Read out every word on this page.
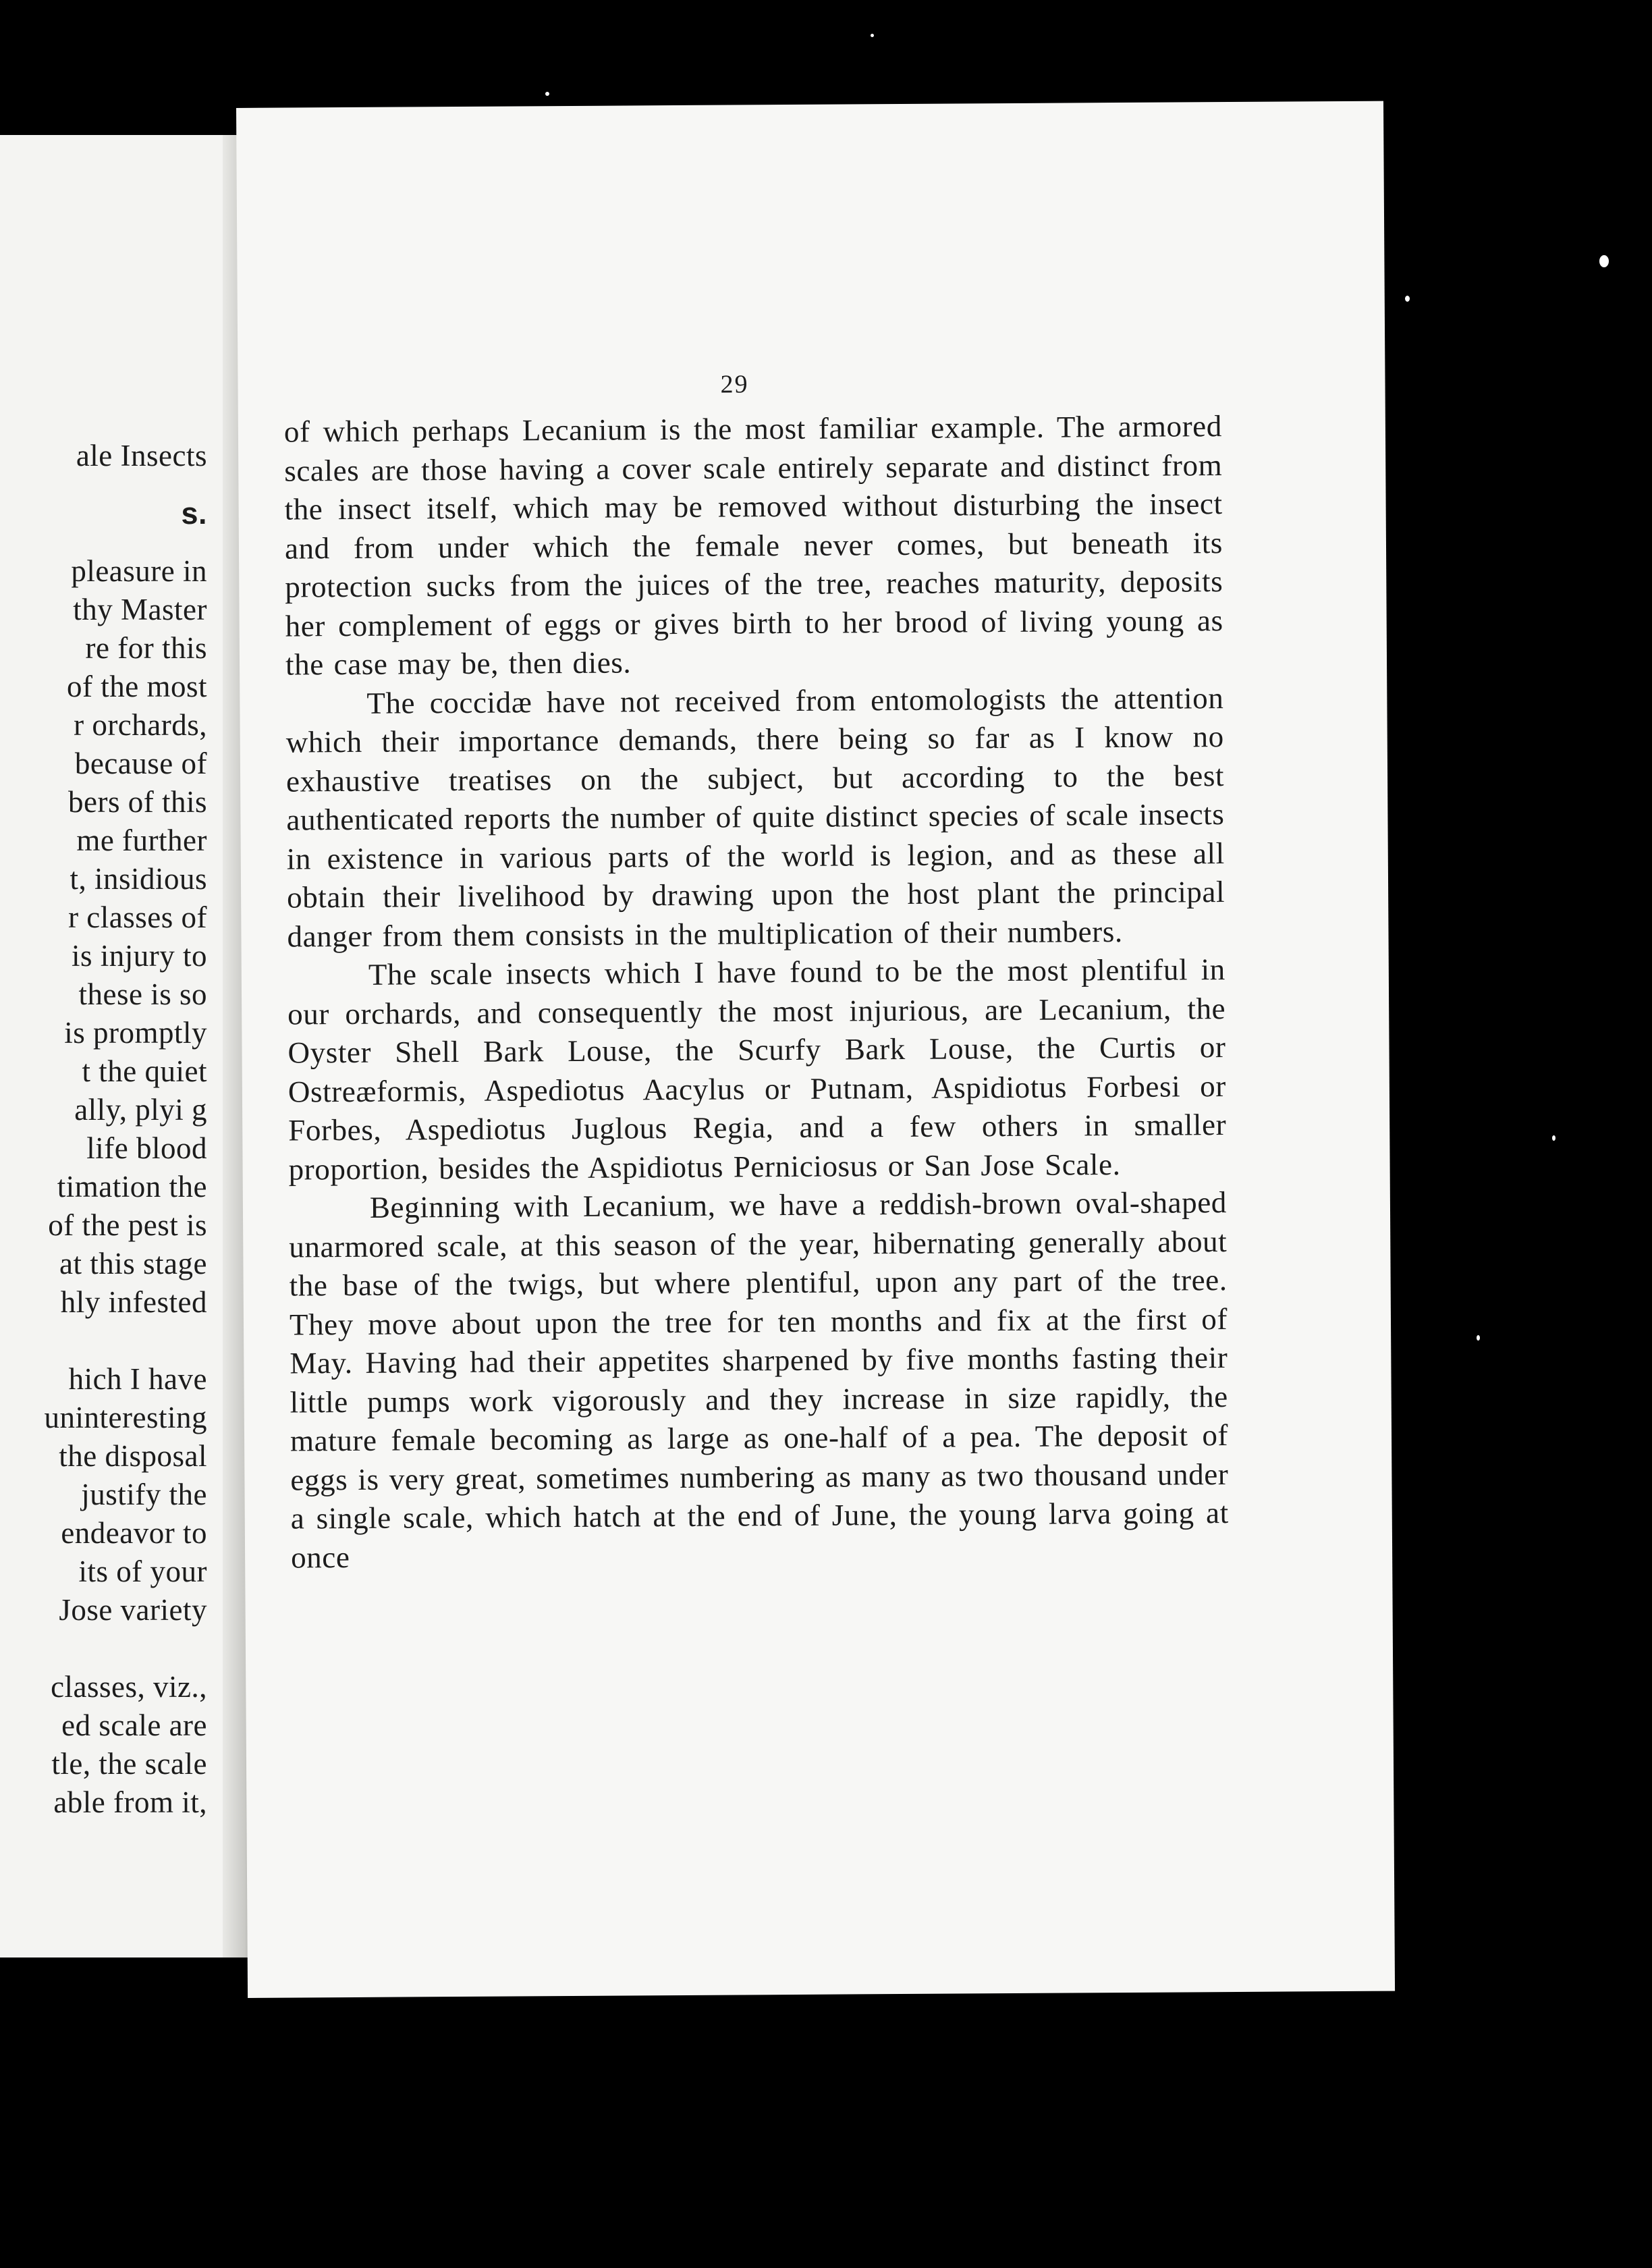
ale Insects
s.
pleasure in
thy Master
re for this
of the most
r orchards,
because of
bers of this
me further
t, insidious
r classes of
is injury to
these is so
is promptly
t the quiet
ally, plyi g
life blood
timation the
of the pest is
at this stage
hly infested

hich I have
uninteresting
the disposal
justify the
endeavor to
its of your
Jose variety

classes, viz.,
ed scale are
tle, the scale
able from it,

29

of which perhaps Lecanium is the most familiar example. The armored scales are those having a cover scale entirely separate and distinct from the insect itself, which may be removed without disturbing the insect and from under which the female never comes, but beneath its protection sucks from the juices of the tree, reaches maturity, deposits her complement of eggs or gives birth to her brood of living young as the case may be, then dies.

The coccidæ have not received from entomologists the attention which their importance demands, there being so far as I know no exhaustive treatises on the subject, but according to the best authenticated reports the number of quite distinct species of scale insects in existence in various parts of the world is legion, and as these all obtain their livelihood by drawing upon the host plant the principal danger from them consists in the multiplication of their numbers.

The scale insects which I have found to be the most plentiful in our orchards, and consequently the most injurious, are Lecanium, the Oyster Shell Bark Louse, the Scurfy Bark Louse, the Curtis or Ostreæformis, Aspediotus Aacylus or Putnam, Aspidiotus Forbesi or Forbes, Aspediotus Juglous Regia, and a few others in smaller proportion, besides the Aspidiotus Perniciosus or San Jose Scale.

Beginning with Lecanium, we have a reddish-brown oval-shaped unarmored scale, at this season of the year, hibernating generally about the base of the twigs, but where plentiful, upon any part of the tree. They move about upon the tree for ten months and fix at the first of May. Having had their appetites sharpened by five months fasting their little pumps work vigorously and they increase in size rapidly, the mature female becoming as large as one-half of a pea. The deposit of eggs is very great, sometimes numbering as many as two thousand under a single scale, which hatch at the end of June, the young larva going at once
